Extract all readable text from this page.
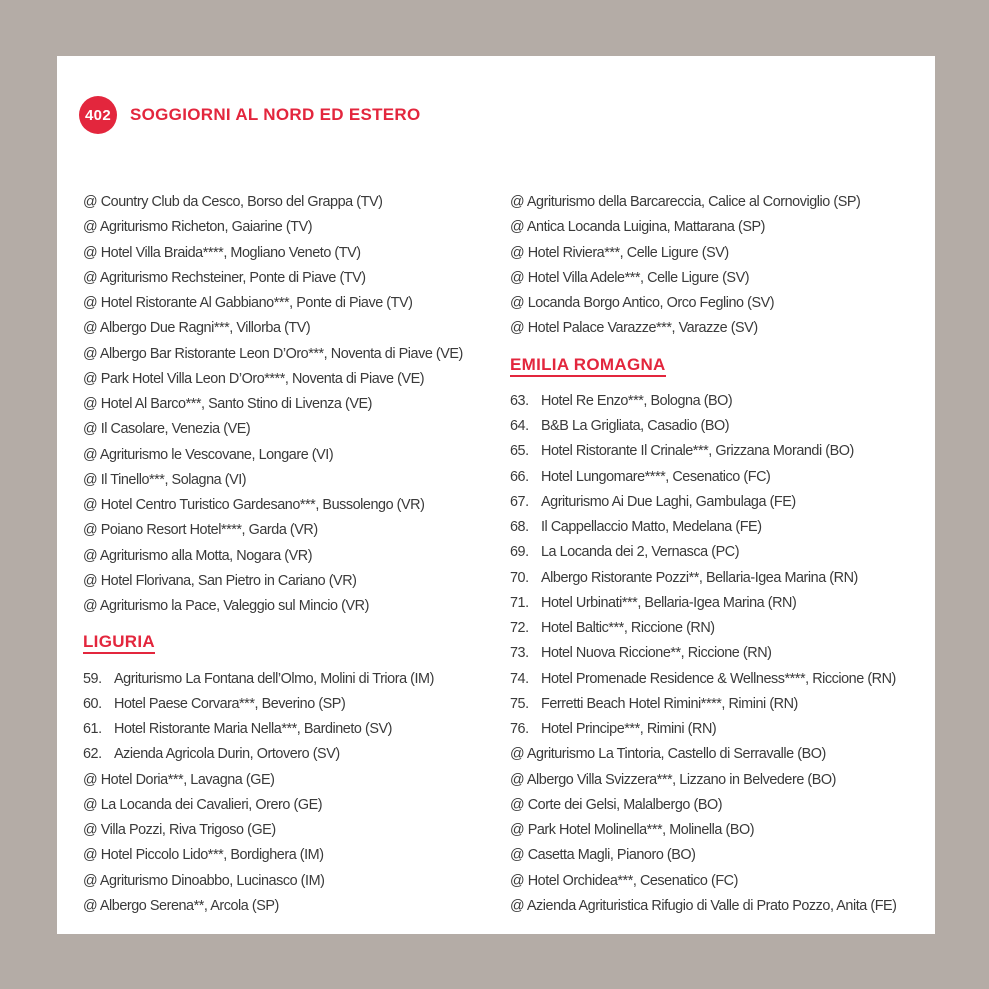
402	SOGGIORNI AL NORD ED ESTERO
@ Country Club da Cesco, Borso del Grappa (TV)
@ Agriturismo Richeton, Gaiarine (TV)
@ Hotel Villa Braida****, Mogliano Veneto (TV)
@ Agriturismo Rechsteiner, Ponte di Piave (TV)
@ Hotel Ristorante Al Gabbiano***, Ponte di Piave (TV)
@ Albergo Due Ragni***, Villorba (TV)
@ Albergo Bar Ristorante Leon D’Oro***, Noventa di Piave (VE)
@ Park Hotel Villa Leon D’Oro****, Noventa di Piave (VE)
@ Hotel Al Barco***, Santo Stino di Livenza (VE)
@ Il Casolare, Venezia (VE)
@ Agriturismo le Vescovane, Longare (VI)
@ Il Tinello***, Solagna (VI)
@ Hotel Centro Turistico Gardesano***, Bussolengo (VR)
@ Poiano Resort Hotel****, Garda (VR)
@ Agriturismo alla Motta, Nogara (VR)
@ Hotel Florivana, San Pietro in Cariano (VR)
@ Agriturismo la Pace, Valeggio sul Mincio (VR)
LIGURIA
59. Agriturismo La Fontana dell’Olmo, Molini di Triora (IM)
60. Hotel Paese Corvara***, Beverino (SP)
61. Hotel Ristorante Maria Nella***, Bardineto (SV)
62. Azienda Agricola Durin, Ortovero (SV)
@ Hotel Doria***, Lavagna (GE)
@ La Locanda dei Cavalieri, Orero (GE)
@ Villa Pozzi, Riva Trigoso (GE)
@ Hotel Piccolo Lido***, Bordighera (IM)
@ Agriturismo Dinoabbo, Lucinasco (IM)
@ Albergo Serena**, Arcola (SP)
@ Agriturismo della Barcareccia, Calice al Cornoviglio (SP)
@ Antica Locanda Luigina, Mattarana (SP)
@ Hotel Riviera***, Celle Ligure (SV)
@ Hotel Villa Adele***, Celle Ligure (SV)
@ Locanda Borgo Antico, Orco Feglino (SV)
@ Hotel Palace Varazze***, Varazze (SV)
EMILIA ROMAGNA
63. Hotel Re Enzo***, Bologna (BO)
64. B&B La Grigliata, Casadio (BO)
65. Hotel Ristorante Il Crinale***, Grizzana Morandi (BO)
66. Hotel Lungomare****, Cesenatico (FC)
67. Agriturismo Ai Due Laghi, Gambulaga (FE)
68. Il Cappellaccio Matto, Medelana (FE)
69. La Locanda dei 2, Vernasca (PC)
70. Albergo Ristorante Pozzi**, Bellaria-Igea Marina (RN)
71. Hotel Urbinati***, Bellaria-Igea Marina (RN)
72. Hotel Baltic***, Riccione (RN)
73. Hotel Nuova Riccione**, Riccione (RN)
74. Hotel Promenade Residence & Wellness****, Riccione (RN)
75. Ferretti Beach Hotel Rimini****, Rimini (RN)
76. Hotel Principe***, Rimini (RN)
@ Agriturismo La Tintoria, Castello di Serravalle (BO)
@ Albergo Villa Svizzera***, Lizzano in Belvedere (BO)
@ Corte dei Gelsi, Malalbergo (BO)
@ Park Hotel Molinella***, Molinella (BO)
@ Casetta Magli, Pianoro (BO)
@ Hotel Orchidea***, Cesenatico (FC)
@ Azienda Agrituristica Rifugio di Valle di Prato Pozzo, Anita (FE)
